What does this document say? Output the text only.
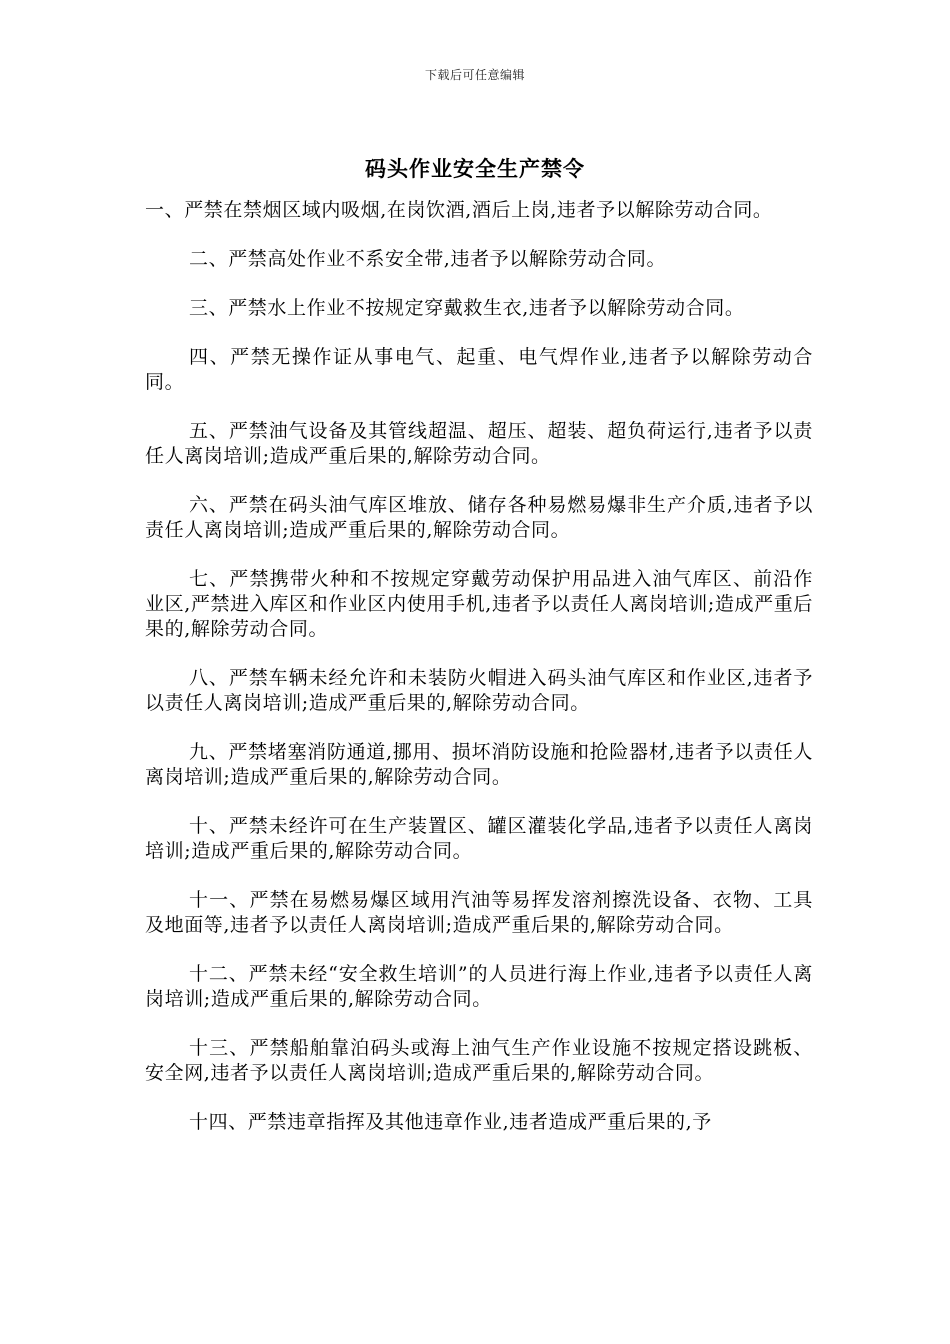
下载后可任意编辑
码头作业安全生产禁令

一、严禁在禁烟区域内吸烟,在岗饮酒,酒后上岗,违者予以解除劳动合同。

二、严禁高处作业不系安全带,违者予以解除劳动合同。

三、严禁水上作业不按规定穿戴救生衣,违者予以解除劳动合同。

四、严禁无操作证从事电气、起重、电气焊作业,违者予以解除劳动合同。

五、严禁油气设备及其管线超温、超压、超装、超负荷运行,违者予以责任人离岗培训;造成严重后果的,解除劳动合同。

六、严禁在码头油气库区堆放、储存各种易燃易爆非生产介质,违者予以责任人离岗培训;造成严重后果的,解除劳动合同。

七、严禁携带火种和不按规定穿戴劳动保护用品进入油气库区、前沿作业区,严禁进入库区和作业区内使用手机,违者予以责任人离岗培训;造成严重后果的,解除劳动合同。

八、严禁车辆未经允许和未装防火帽进入码头油气库区和作业区,违者予以责任人离岗培训;造成严重后果的,解除劳动合同。

九、严禁堵塞消防通道,挪用、损坏消防设施和抢险器材,违者予以责任人离岗培训;造成严重后果的,解除劳动合同。

十、严禁未经许可在生产装置区、罐区灌装化学品,违者予以责任人离岗培训;造成严重后果的,解除劳动合同。

十一、严禁在易燃易爆区域用汽油等易挥发溶剂擦洗设备、衣物、工具及地面等,违者予以责任人离岗培训;造成严重后果的,解除劳动合同。

十二、严禁未经“安全救生培训”的人员进行海上作业,违者予以责任人离岗培训;造成严重后果的,解除劳动合同。

十三、严禁船舶靠泊码头或海上油气生产作业设施不按规定搭设跳板、安全网,违者予以责任人离岗培训;造成严重后果的,解除劳动合同。

十四、严禁违章指挥及其他违章作业,违者造成严重后果的,予
